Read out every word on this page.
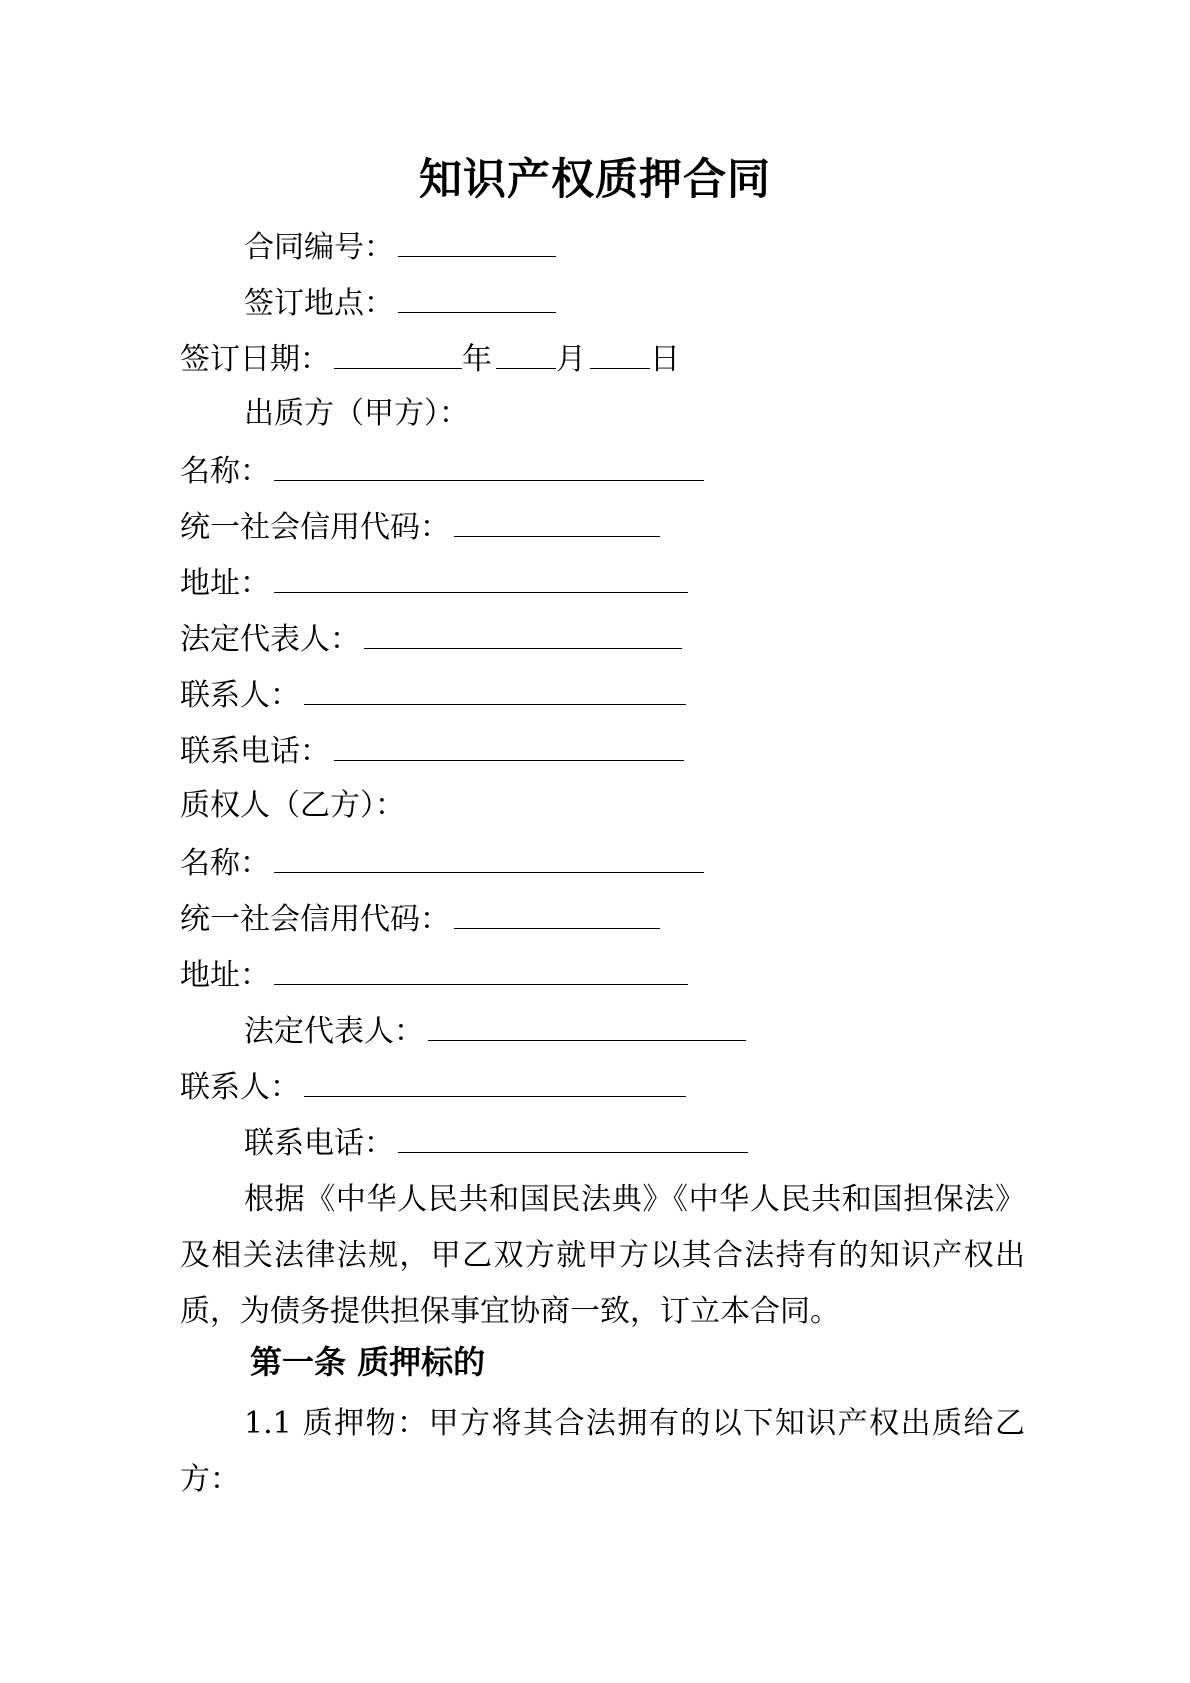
知识产权质押合同
合同编号：
签订地点：
签订日期：	年 月 日
出质方（甲方）：
名称：
统一社会信用代码：
地址：
法定代表人：
联系人：
联系电话：
质权人（乙方）：
名称：
统一社会信用代码：
地址：
法定代表人：
联系人：
联系电话：
根据《中华人民共和国民法典》《中华人民共和国担保法》及相关法律法规，甲乙双方就甲方以其合法持有的知识产权出质，为债务提供担保事宜协商一致，订立本合同。
第一条 质押标的
1.1 质押物：甲方将其合法拥有的以下知识产权出质给乙方：
